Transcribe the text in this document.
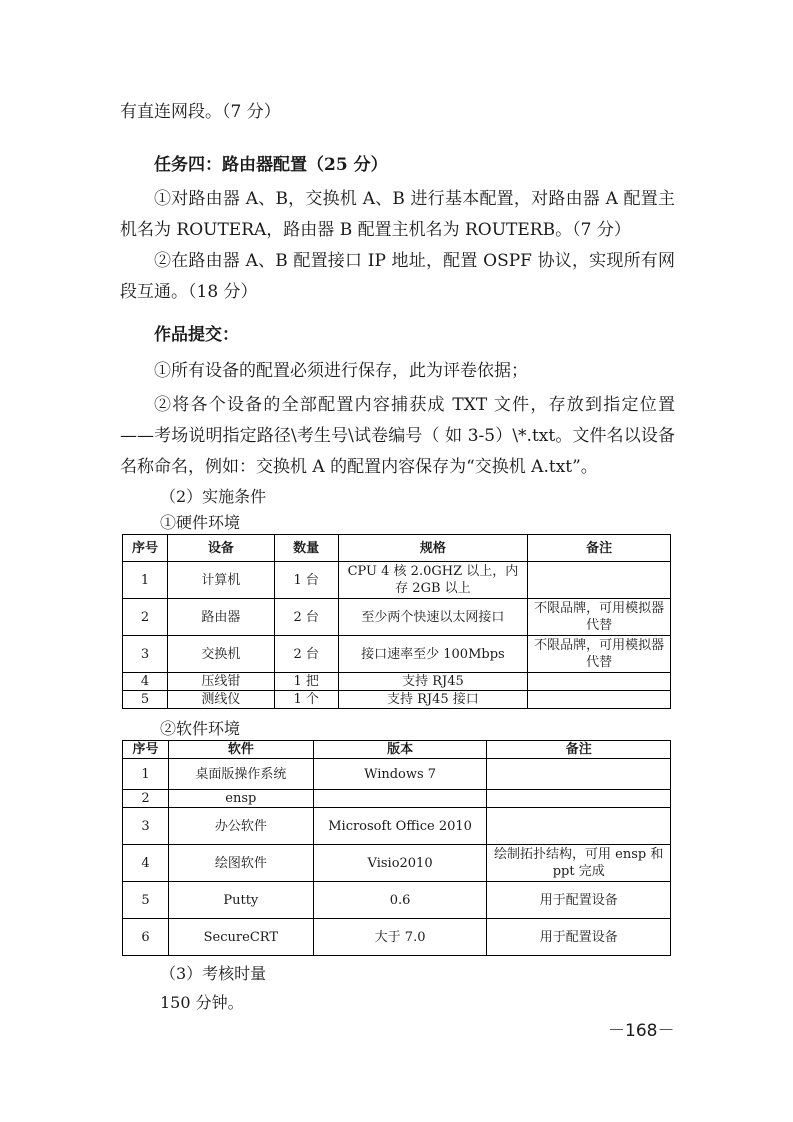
有直连网段。（7 分）

任务四：路由器配置（25 分）

①对路由器 A、B，交换机 A、B 进行基本配置，对路由器 A 配置主机名为 ROUTERA，路由器 B 配置主机名为 ROUTERB。（7 分）

②在路由器 A、B 配置接口 IP 地址，配置 OSPF 协议，实现所有网段互通。（18 分）

作品提交：

①所有设备的配置必须进行保存，此为评卷依据；

②将各个设备的全部配置内容捕获成 TXT 文件，存放到指定位置——考场说明指定路径\考生号\试卷编号（ 如 3-5）\*.txt。文件名以设备名称命名，例如：交换机 A 的配置内容保存为“交换机 A.txt”。

（2）实施条件

①硬件环境

序号	设备	数量	规格	备注
1	计算机	1 台	CPU 4 核 2.0GHZ 以上，内存 2GB 以上	
2	路由器	2 台	至少两个快速以太网接口	不限品牌，可用模拟器代替
3	交换机	2 台	接口速率至少 100Mbps	不限品牌，可用模拟器代替
4	压线钳	1 把	支持 RJ45	
5	测线仪	1 个	支持 RJ45 接口	

②软件环境

序号	软件	版本	备注
1	桌面版操作系统	Windows 7	
2	ensp		
3	办公软件	Microsoft Office 2010	
4	绘图软件	Visio2010	绘制拓扑结构，可用 ensp 和 ppt 完成
5	Putty	0.6	用于配置设备
6	SecureCRT	大于 7.0	用于配置设备

（3）考核时量

150 分钟。

－168－
